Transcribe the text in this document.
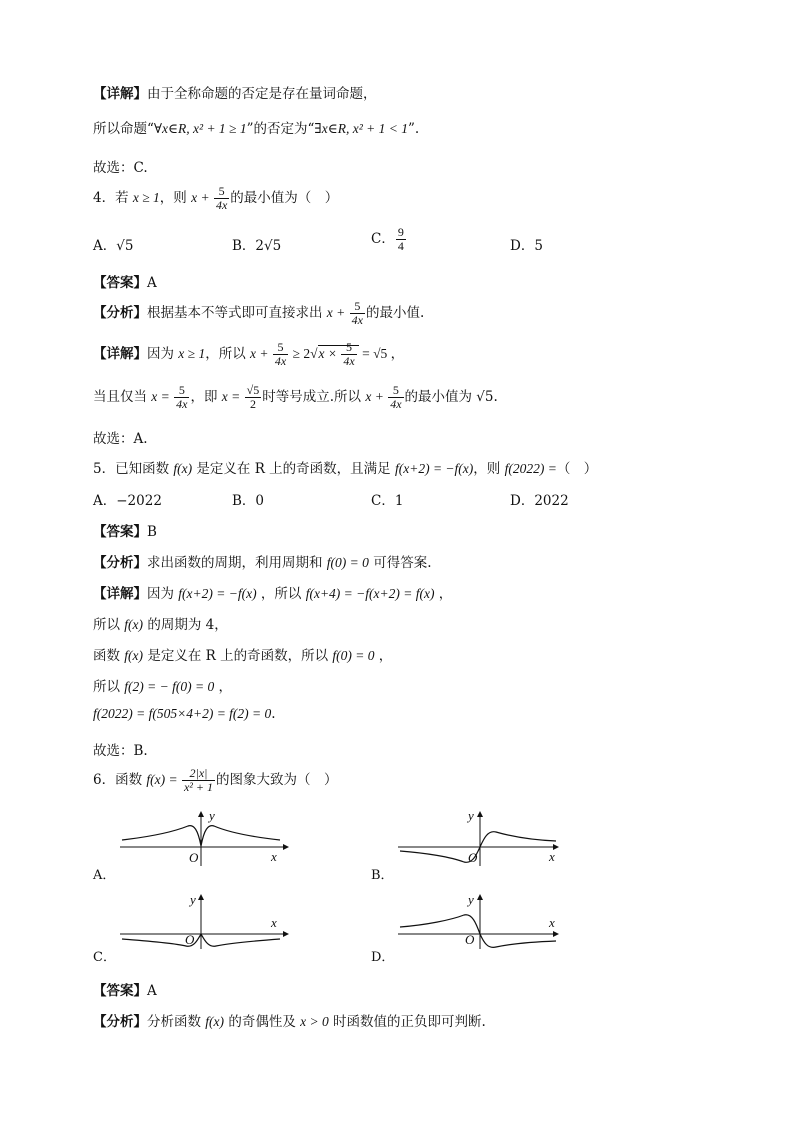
【详解】由于全称命题的否定是存在量词命题，
所以命题“∀x∈R, x² + 1 ≥ 1”的否定为“∃x∈R, x² + 1 < 1”.
故选：C.
4．若 x ≥ 1，则 $x + \frac{5}{4x}$ 的最小值为（　）
A．√5	B．2√5	C． $\frac{9}{4}$	D．5
【答案】A
【分析】根据基本不等式即可直接求出 $x + \frac{5}{4x}$ 的最小值.
【详解】因为 x ≥ 1，所以 $x + \frac{5}{4x} \ge 2√x \times \frac{5}{4x} = √5$ ，
当且仅当 $x = \frac{5}{4x}$ ，即 $x = \frac{√5}{2}$ 时等号成立.所以 $x + \frac{5}{4x}$ 的最小值为 √5.
故选：A.
5．已知函数 f(x) 是定义在 R 上的奇函数，且满足 f(x+2) = −f(x)，则 f(2022) =（　）
A．−2022	B．0	C．1	D．2022
【答案】B
【分析】求出函数的周期，利用周期和 f(0) = 0 可得答案.
【详解】因为 f(x+2) = −f(x) ，所以 f(x+4) = −f(x+2) = f(x) ，
所以 f(x) 的周期为 4，
函数 f(x) 是定义在 R 上的奇函数，所以 f(0) = 0 ，
所以 f(2) = − f(0) = 0 ，
f(2022) = f(505×4+2) = f(2) = 0.
故选：B.
6．函数 $f(x) = \frac{2|x|}{\text{x² + 1}}$ 的图象大致为（　）
y
O	x
A．
y
O	x
B．
y
O
x
C．
y
O
x
D．
【答案】A
【分析】分析函数 f(x) 的奇偶性及 x > 0 时函数值的正负即可判断.
